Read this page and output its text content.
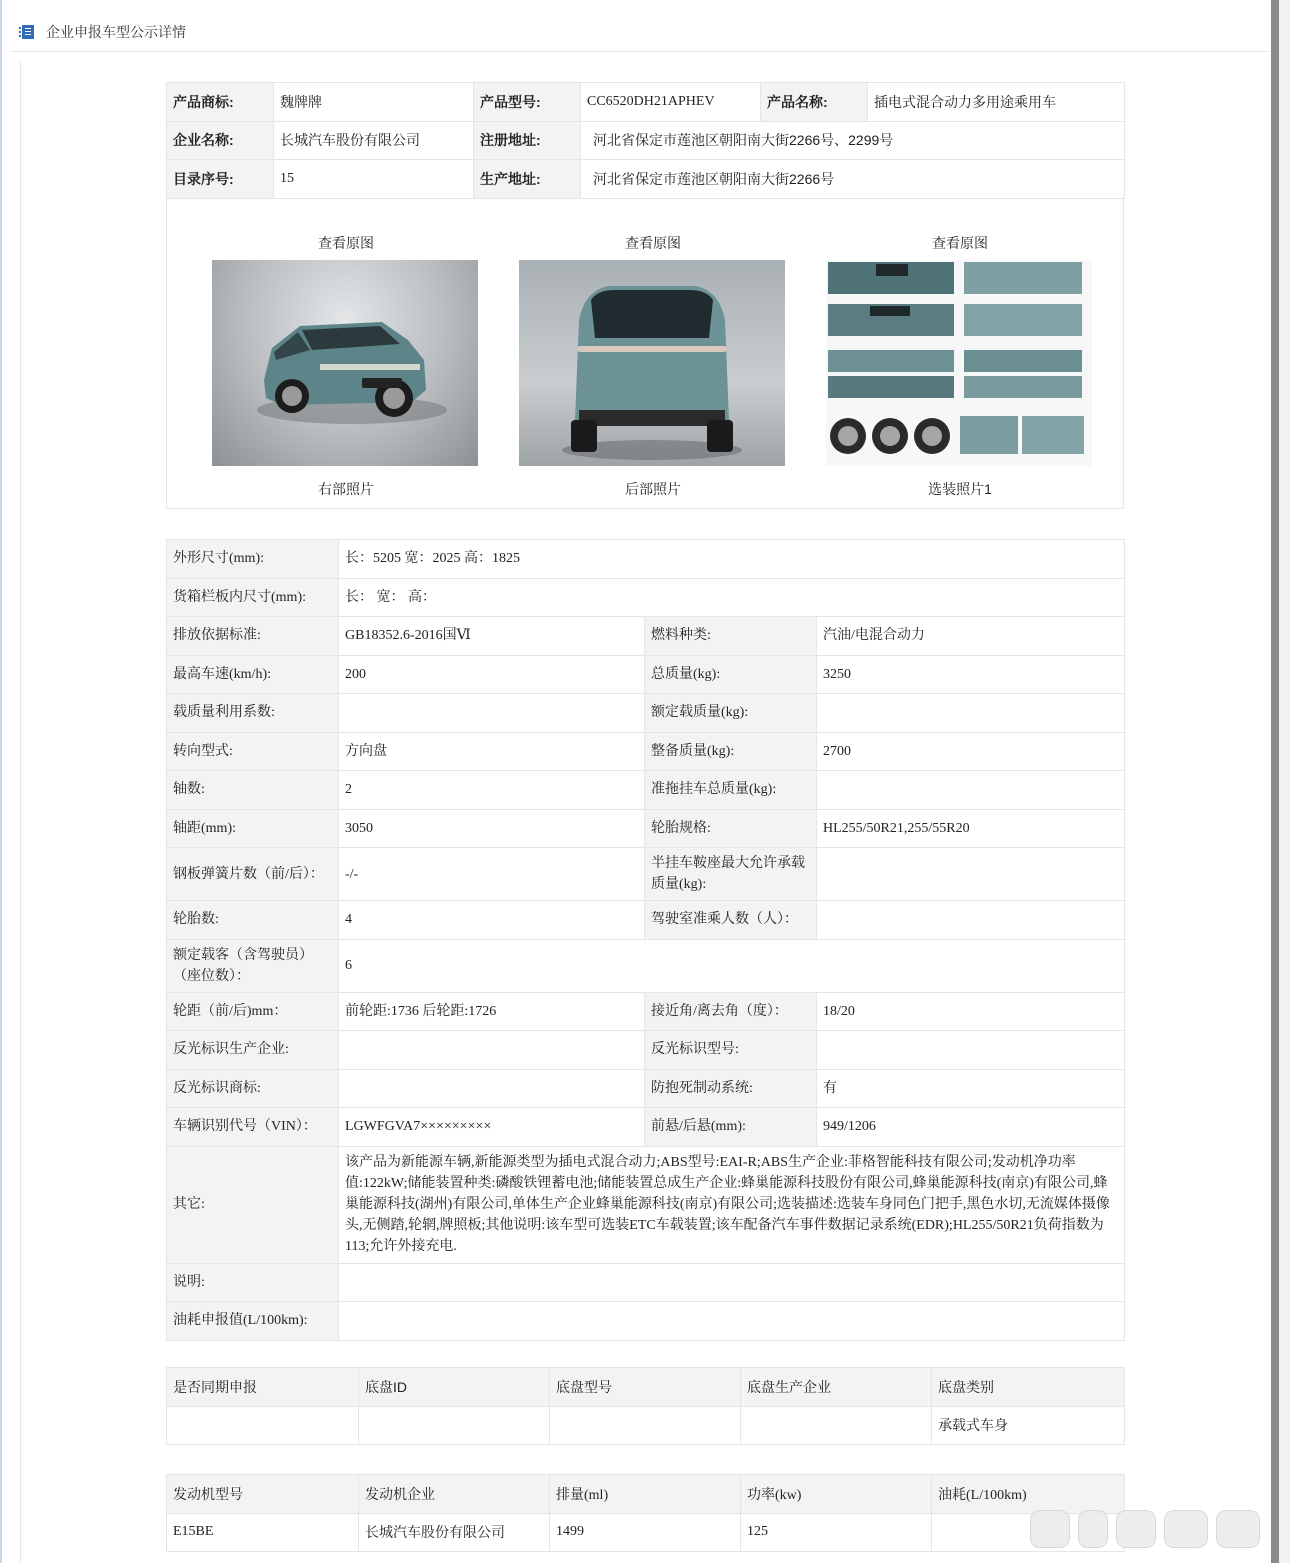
企业申报车型公示详情
产品商标:	魏牌牌	产品型号:	CC6520DH21APHEV	产品名称:	插电式混合动力多用途乘用车
企业名称:	长城汽车股份有限公司	注册地址:	河北省保定市莲池区朝阳南大街2266号、2299号		
目录序号:	15	生产地址:	河北省保定市莲池区朝阳南大街2266号		
查看原图
右部照片
查看原图
后部照片
查看原图
选装照片1
外形尺寸(mm):	长：5205 宽：2025 高：1825		
货箱栏板内尺寸(mm):	长： 宽： 高：		
排放依据标准:	GB18352.6-2016国Ⅵ	燃料种类:	汽油/电混合动力
最高车速(km/h):	200	总质量(kg):	3250
载质量利用系数:		额定载质量(kg):	
转向型式:	方向盘	整备质量(kg):	2700
轴数:	2	准拖挂车总质量(kg):	
轴距(mm):	3050	轮胎规格:	HL255/50R21,255/55R20
钢板弹簧片数（前/后）：	-/-	半挂车鞍座最大允许承载质量(kg):	
轮胎数:	4	驾驶室准乘人数（人）：	
额定载客（含驾驶员）（座位数）：	6		
轮距（前/后)mm：	前轮距:1736 后轮距:1726	接近角/离去角（度）：	18/20
反光标识生产企业:		反光标识型号:	
反光标识商标:		防抱死制动系统:	有
车辆识别代号（VIN）：	LGWFGVA7×××××××××	前悬/后悬(mm):	949/1206
其它:	该产品为新能源车辆,新能源类型为插电式混合动力;ABS型号:EAI-R;ABS生产企业:菲格智能科技有限公司;发动机净功率值:122kW;储能装置种类:磷酸铁锂蓄电池;储能装置总成生产企业:蜂巢能源科技股份有限公司,蜂巢能源科技(南京)有限公司,蜂巢能源科技(湖州)有限公司,单体生产企业蜂巢能源科技(南京)有限公司;选装描述:选装车身同色门把手,黑色水切,无流媒体摄像头,无侧踏,轮辋,牌照板;其他说明:该车型可选装ETC车载装置;该车配备汽车事件数据记录系统(EDR);HL255/50R21负荷指数为113;允许外接充电.		
说明:			
油耗申报值(L/100km):			
是否同期申报	底盘ID	底盘型号	底盘生产企业	底盘类别
				承载式车身
发动机型号	发动机企业	排量(ml)	功率(kw)	油耗(L/100km)
E15BE	长城汽车股份有限公司	1499	125	
